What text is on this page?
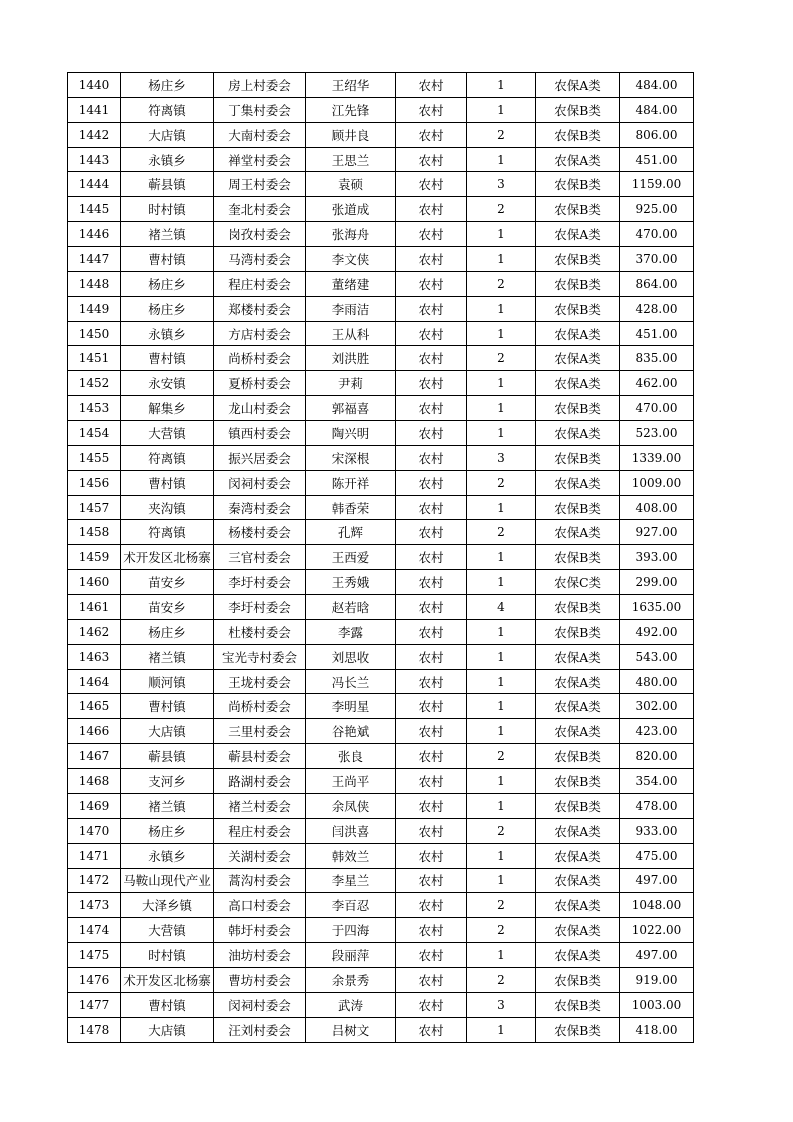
1440	杨庄乡	房上村委会	王绍华	农村	1	农保A类	484.00
1441	符离镇	丁集村委会	江先锋	农村	1	农保B类	484.00
1442	大店镇	大南村委会	顾井良	农村	2	农保B类	806.00
1443	永镇乡	禅堂村委会	王思兰	农村	1	农保A类	451.00
1444	蕲县镇	周王村委会	袁硕	农村	3	农保B类	1159.00
1445	时村镇	奎北村委会	张道成	农村	2	农保B类	925.00
1446	褚兰镇	岗孜村委会	张海舟	农村	1	农保A类	470.00
1447	曹村镇	马湾村委会	李文侠	农村	1	农保B类	370.00
1448	杨庄乡	程庄村委会	董绪建	农村	2	农保B类	864.00
1449	杨庄乡	郑楼村委会	李雨洁	农村	1	农保B类	428.00
1450	永镇乡	方店村委会	王从科	农村	1	农保A类	451.00
1451	曹村镇	尚桥村委会	刘洪胜	农村	2	农保A类	835.00
1452	永安镇	夏桥村委会	尹莉	农村	1	农保A类	462.00
1453	解集乡	龙山村委会	郭福喜	农村	1	农保B类	470.00
1454	大营镇	镇西村委会	陶兴明	农村	1	农保A类	523.00
1455	符离镇	振兴居委会	宋深根	农村	3	农保B类	1339.00
1456	曹村镇	闵祠村委会	陈开祥	农村	2	农保A类	1009.00
1457	夹沟镇	秦湾村委会	韩香荣	农村	1	农保B类	408.00
1458	符离镇	杨楼村委会	孔辉	农村	2	农保A类	927.00
1459	术开发区北杨寨	三官村委会	王西爱	农村	1	农保B类	393.00
1460	苗安乡	李圩村委会	王秀娥	农村	1	农保C类	299.00
1461	苗安乡	李圩村委会	赵若晗	农村	4	农保B类	1635.00
1462	杨庄乡	杜楼村委会	李露	农村	1	农保B类	492.00
1463	褚兰镇	宝光寺村委会	刘思收	农村	1	农保A类	543.00
1464	顺河镇	王垅村委会	冯长兰	农村	1	农保A类	480.00
1465	曹村镇	尚桥村委会	李明星	农村	1	农保A类	302.00
1466	大店镇	三里村委会	谷艳斌	农村	1	农保A类	423.00
1467	蕲县镇	蕲县村委会	张良	农村	2	农保B类	820.00
1468	支河乡	路湖村委会	王尚平	农村	1	农保B类	354.00
1469	褚兰镇	褚兰村委会	余凤侠	农村	1	农保B类	478.00
1470	杨庄乡	程庄村委会	闫洪喜	农村	2	农保A类	933.00
1471	永镇乡	关湖村委会	韩效兰	农村	1	农保A类	475.00
1472	马鞍山现代产业	蒿沟村委会	李星兰	农村	1	农保A类	497.00
1473	大泽乡镇	高口村委会	李百忍	农村	2	农保A类	1048.00
1474	大营镇	韩圩村委会	于四海	农村	2	农保A类	1022.00
1475	时村镇	油坊村委会	段丽萍	农村	1	农保A类	497.00
1476	术开发区北杨寨	曹坊村委会	余景秀	农村	2	农保B类	919.00
1477	曹村镇	闵祠村委会	武涛	农村	3	农保B类	1003.00
1478	大店镇	汪刘村委会	吕树文	农村	1	农保B类	418.00
